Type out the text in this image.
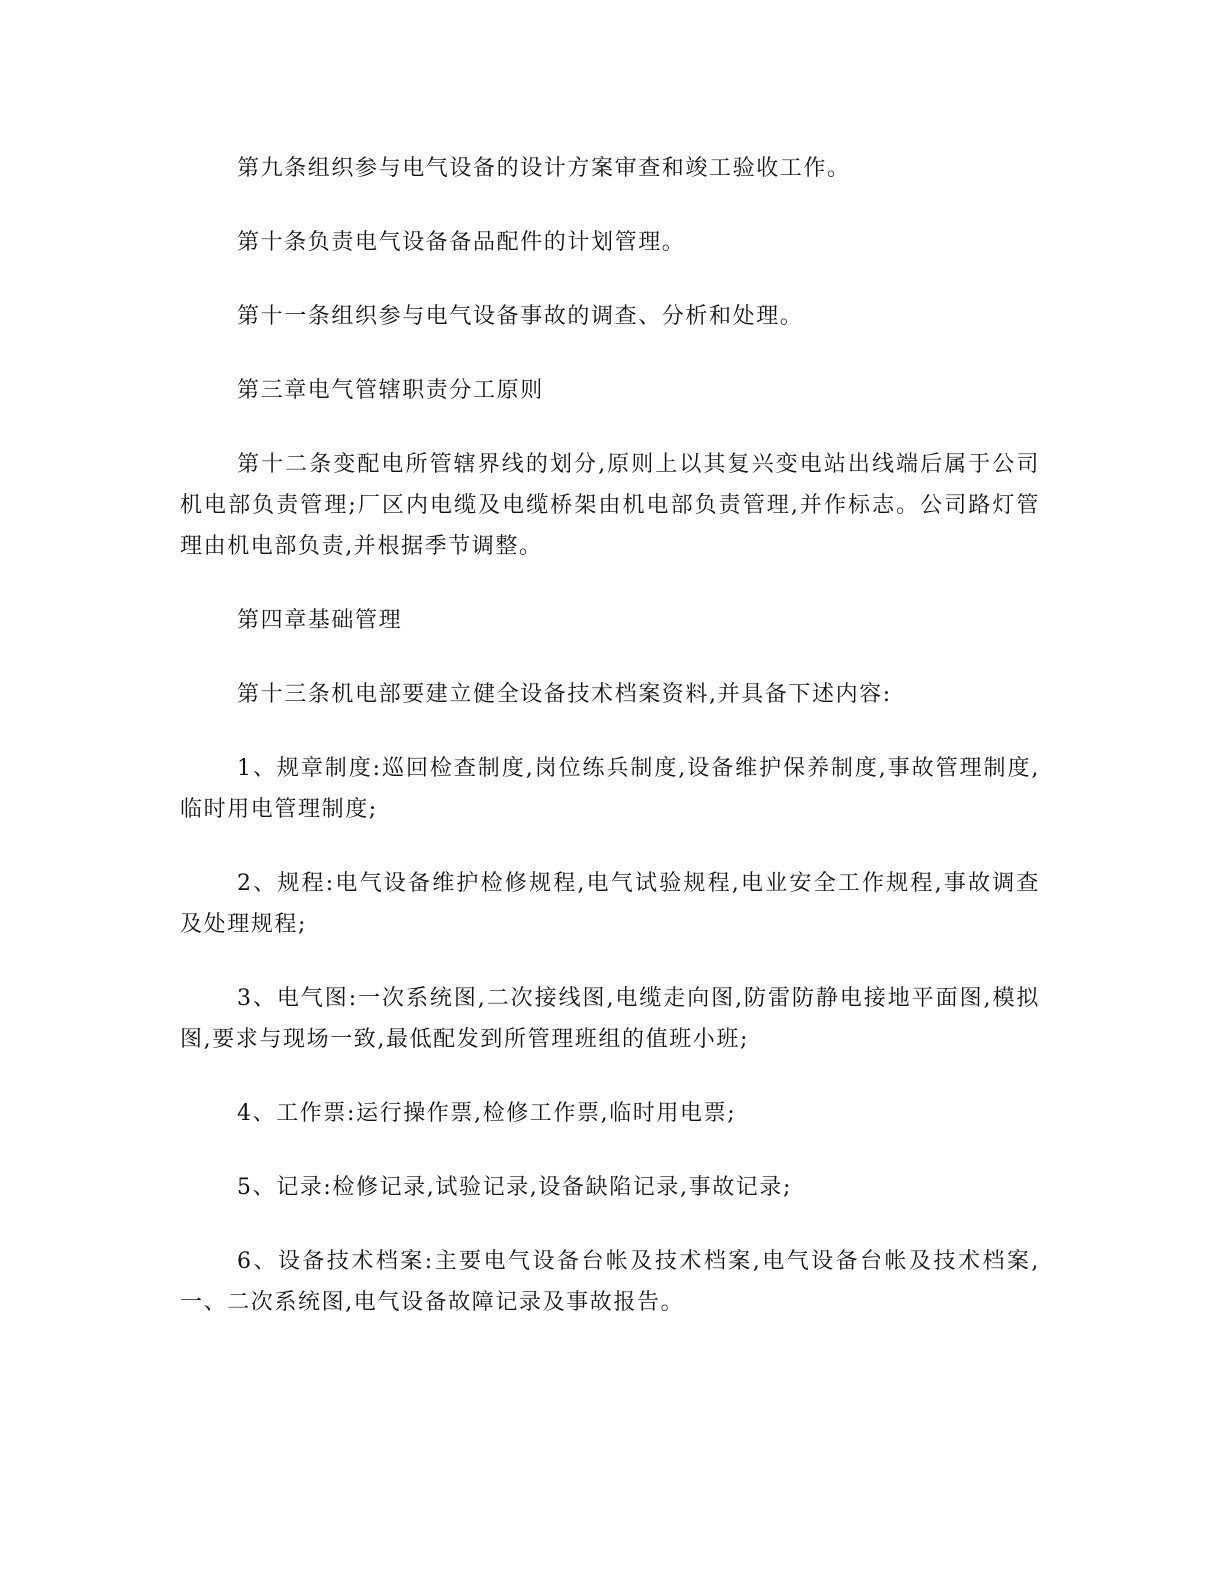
第九条组织参与电气设备的设计方案审查和竣工验收工作。

第十条负责电气设备备品配件的计划管理。

第十一条组织参与电气设备事故的调查、分析和处理。

第三章电气管辖职责分工原则

第十二条变配电所管辖界线的划分,原则上以其复兴变电站出线端后属于公司机电部负责管理;厂区内电缆及电缆桥架由机电部负责管理,并作标志。公司路灯管理由机电部负责,并根据季节调整。

第四章基础管理

第十三条机电部要建立健全设备技术档案资料,并具备下述内容:

1、规章制度:巡回检查制度,岗位练兵制度,设备维护保养制度,事故管理制度,临时用电管理制度;

2、规程:电气设备维护检修规程,电气试验规程,电业安全工作规程,事故调查及处理规程;

3、电气图:一次系统图,二次接线图,电缆走向图,防雷防静电接地平面图,模拟图,要求与现场一致,最低配发到所管理班组的值班小班;

4、工作票:运行操作票,检修工作票,临时用电票;

5、记录:检修记录,试验记录,设备缺陷记录,事故记录;

6、设备技术档案:主要电气设备台帐及技术档案,电气设备台帐及技术档案,一、二次系统图,电气设备故障记录及事故报告。
